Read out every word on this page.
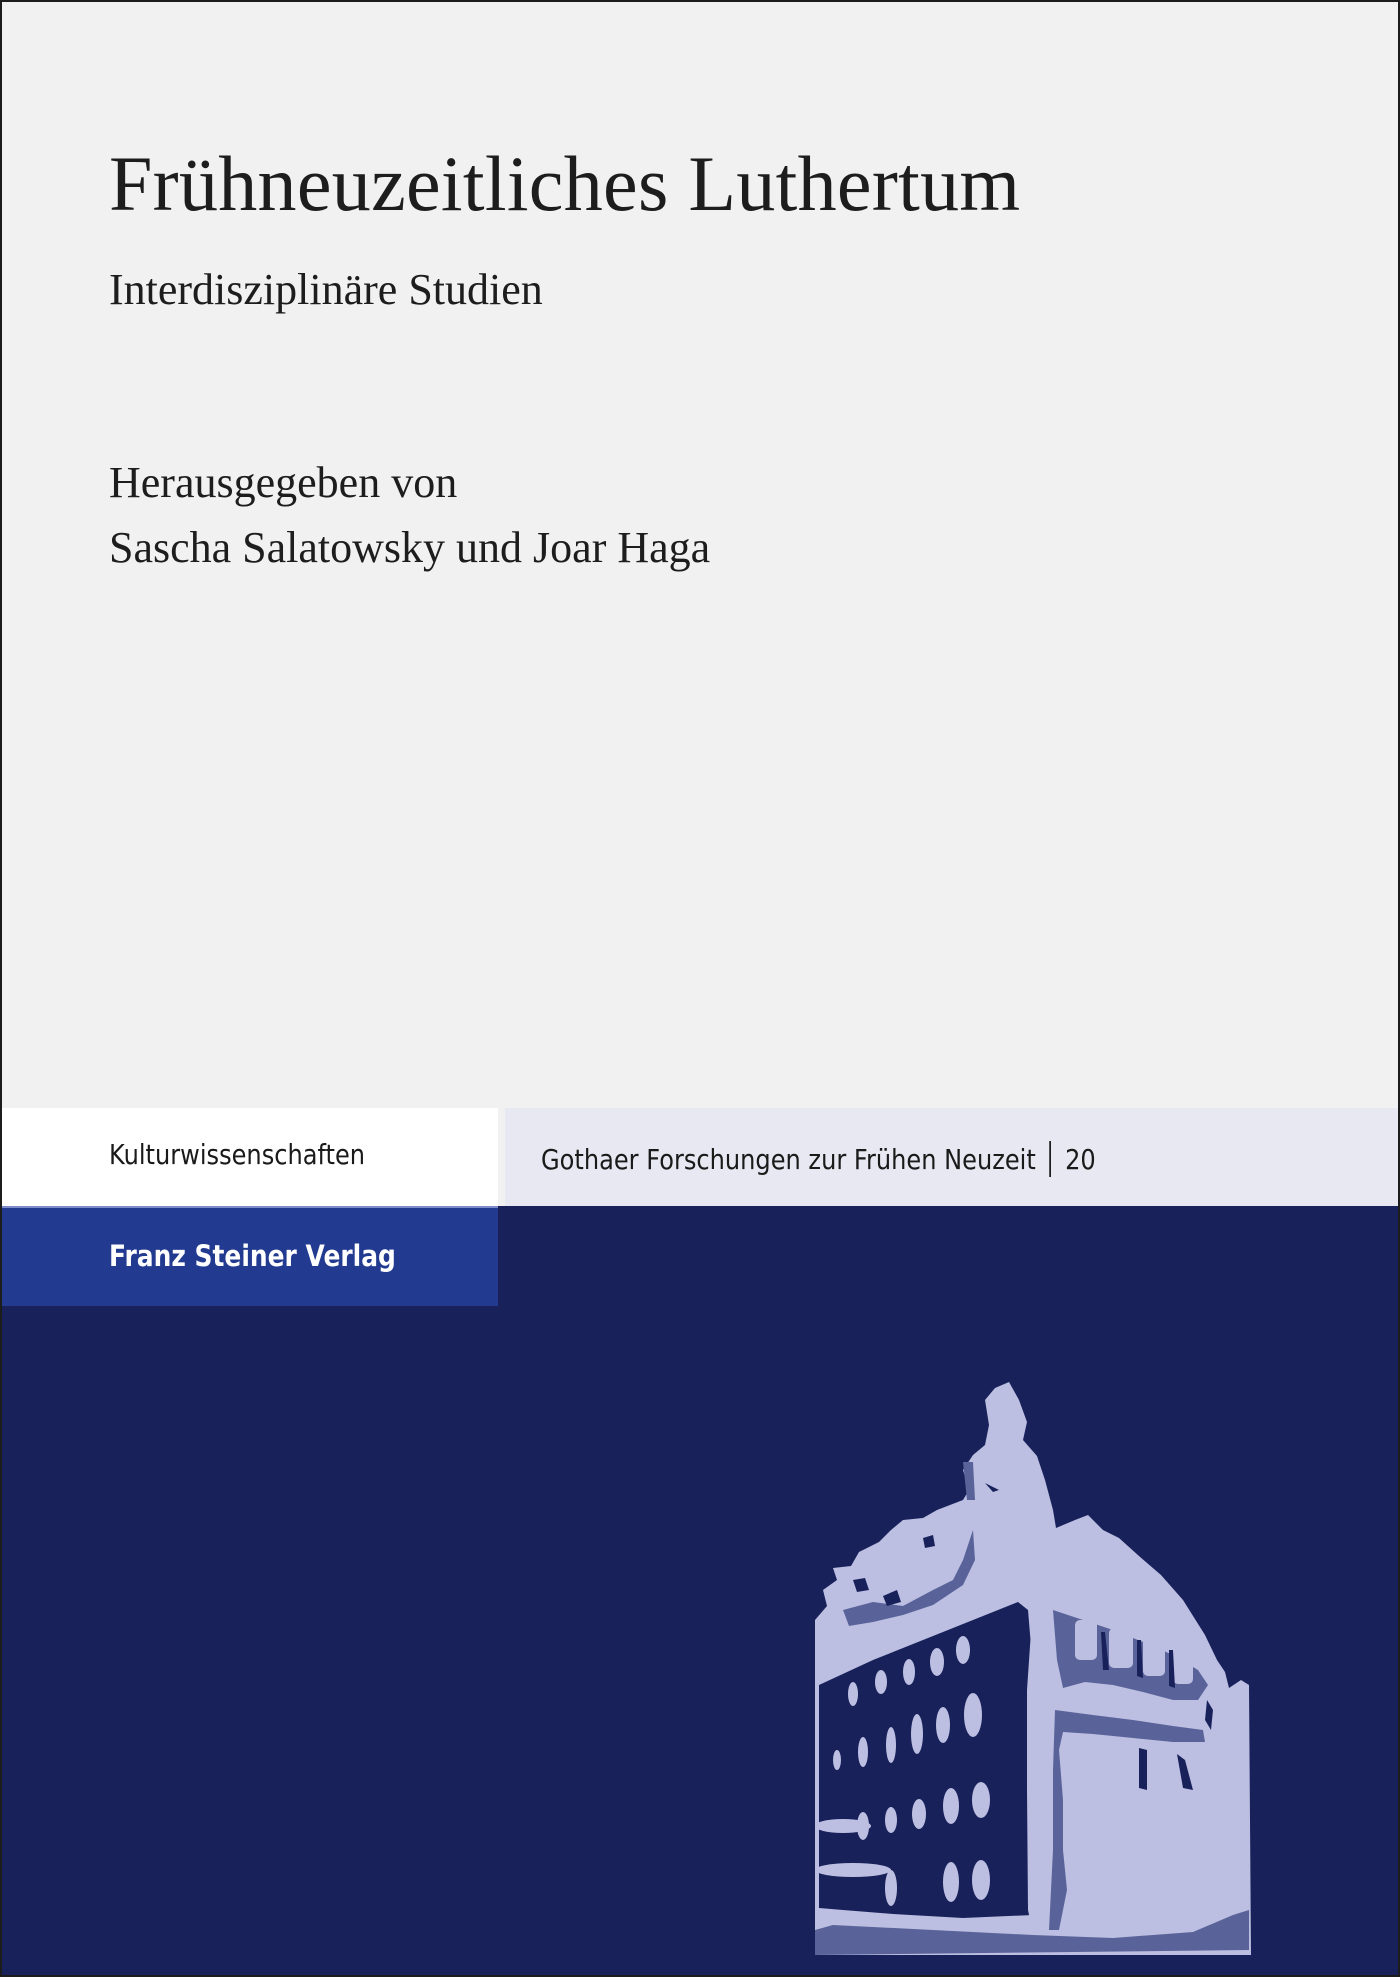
Frühneuzeitliches Luthertum
Interdisziplinäre Studien
Herausgegeben von
Sascha Salatowsky und Joar Haga
Kulturwissenschaften	Gothaer Forschungen zur Frühen Neuzeit 20
Franz Steiner Verlag
